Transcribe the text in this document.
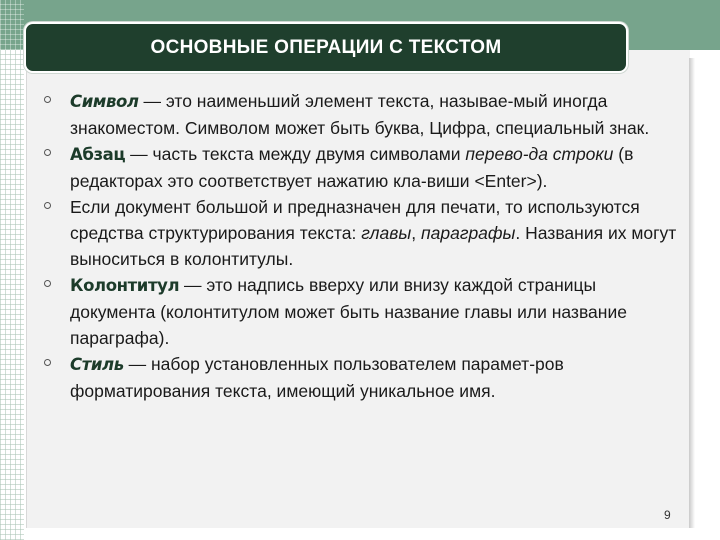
ОСНОВНЫЕ ОПЕРАЦИИ С ТЕКСТОМ
Символ — это наименьший элемент текста, называе-мый иногда знакоместом. Символом может быть буква, Цифра, специальный знак.
Абзац — часть текста между двумя символами перево-да строки (в редакторах это соответствует нажатию кла-виши <Enter>).
Если документ большой и предназначен для печати, то используются средства структурирования текста: главы, параграфы. Названия их могут выноситься в колонтитулы.
Колонтитул — это надпись вверху или внизу каждой страницы документа (колонтитулом может быть название главы или название параграфа).
Стиль — набор установленных пользователем парамет-ров форматирования текста, имеющий уникальное имя.
9
